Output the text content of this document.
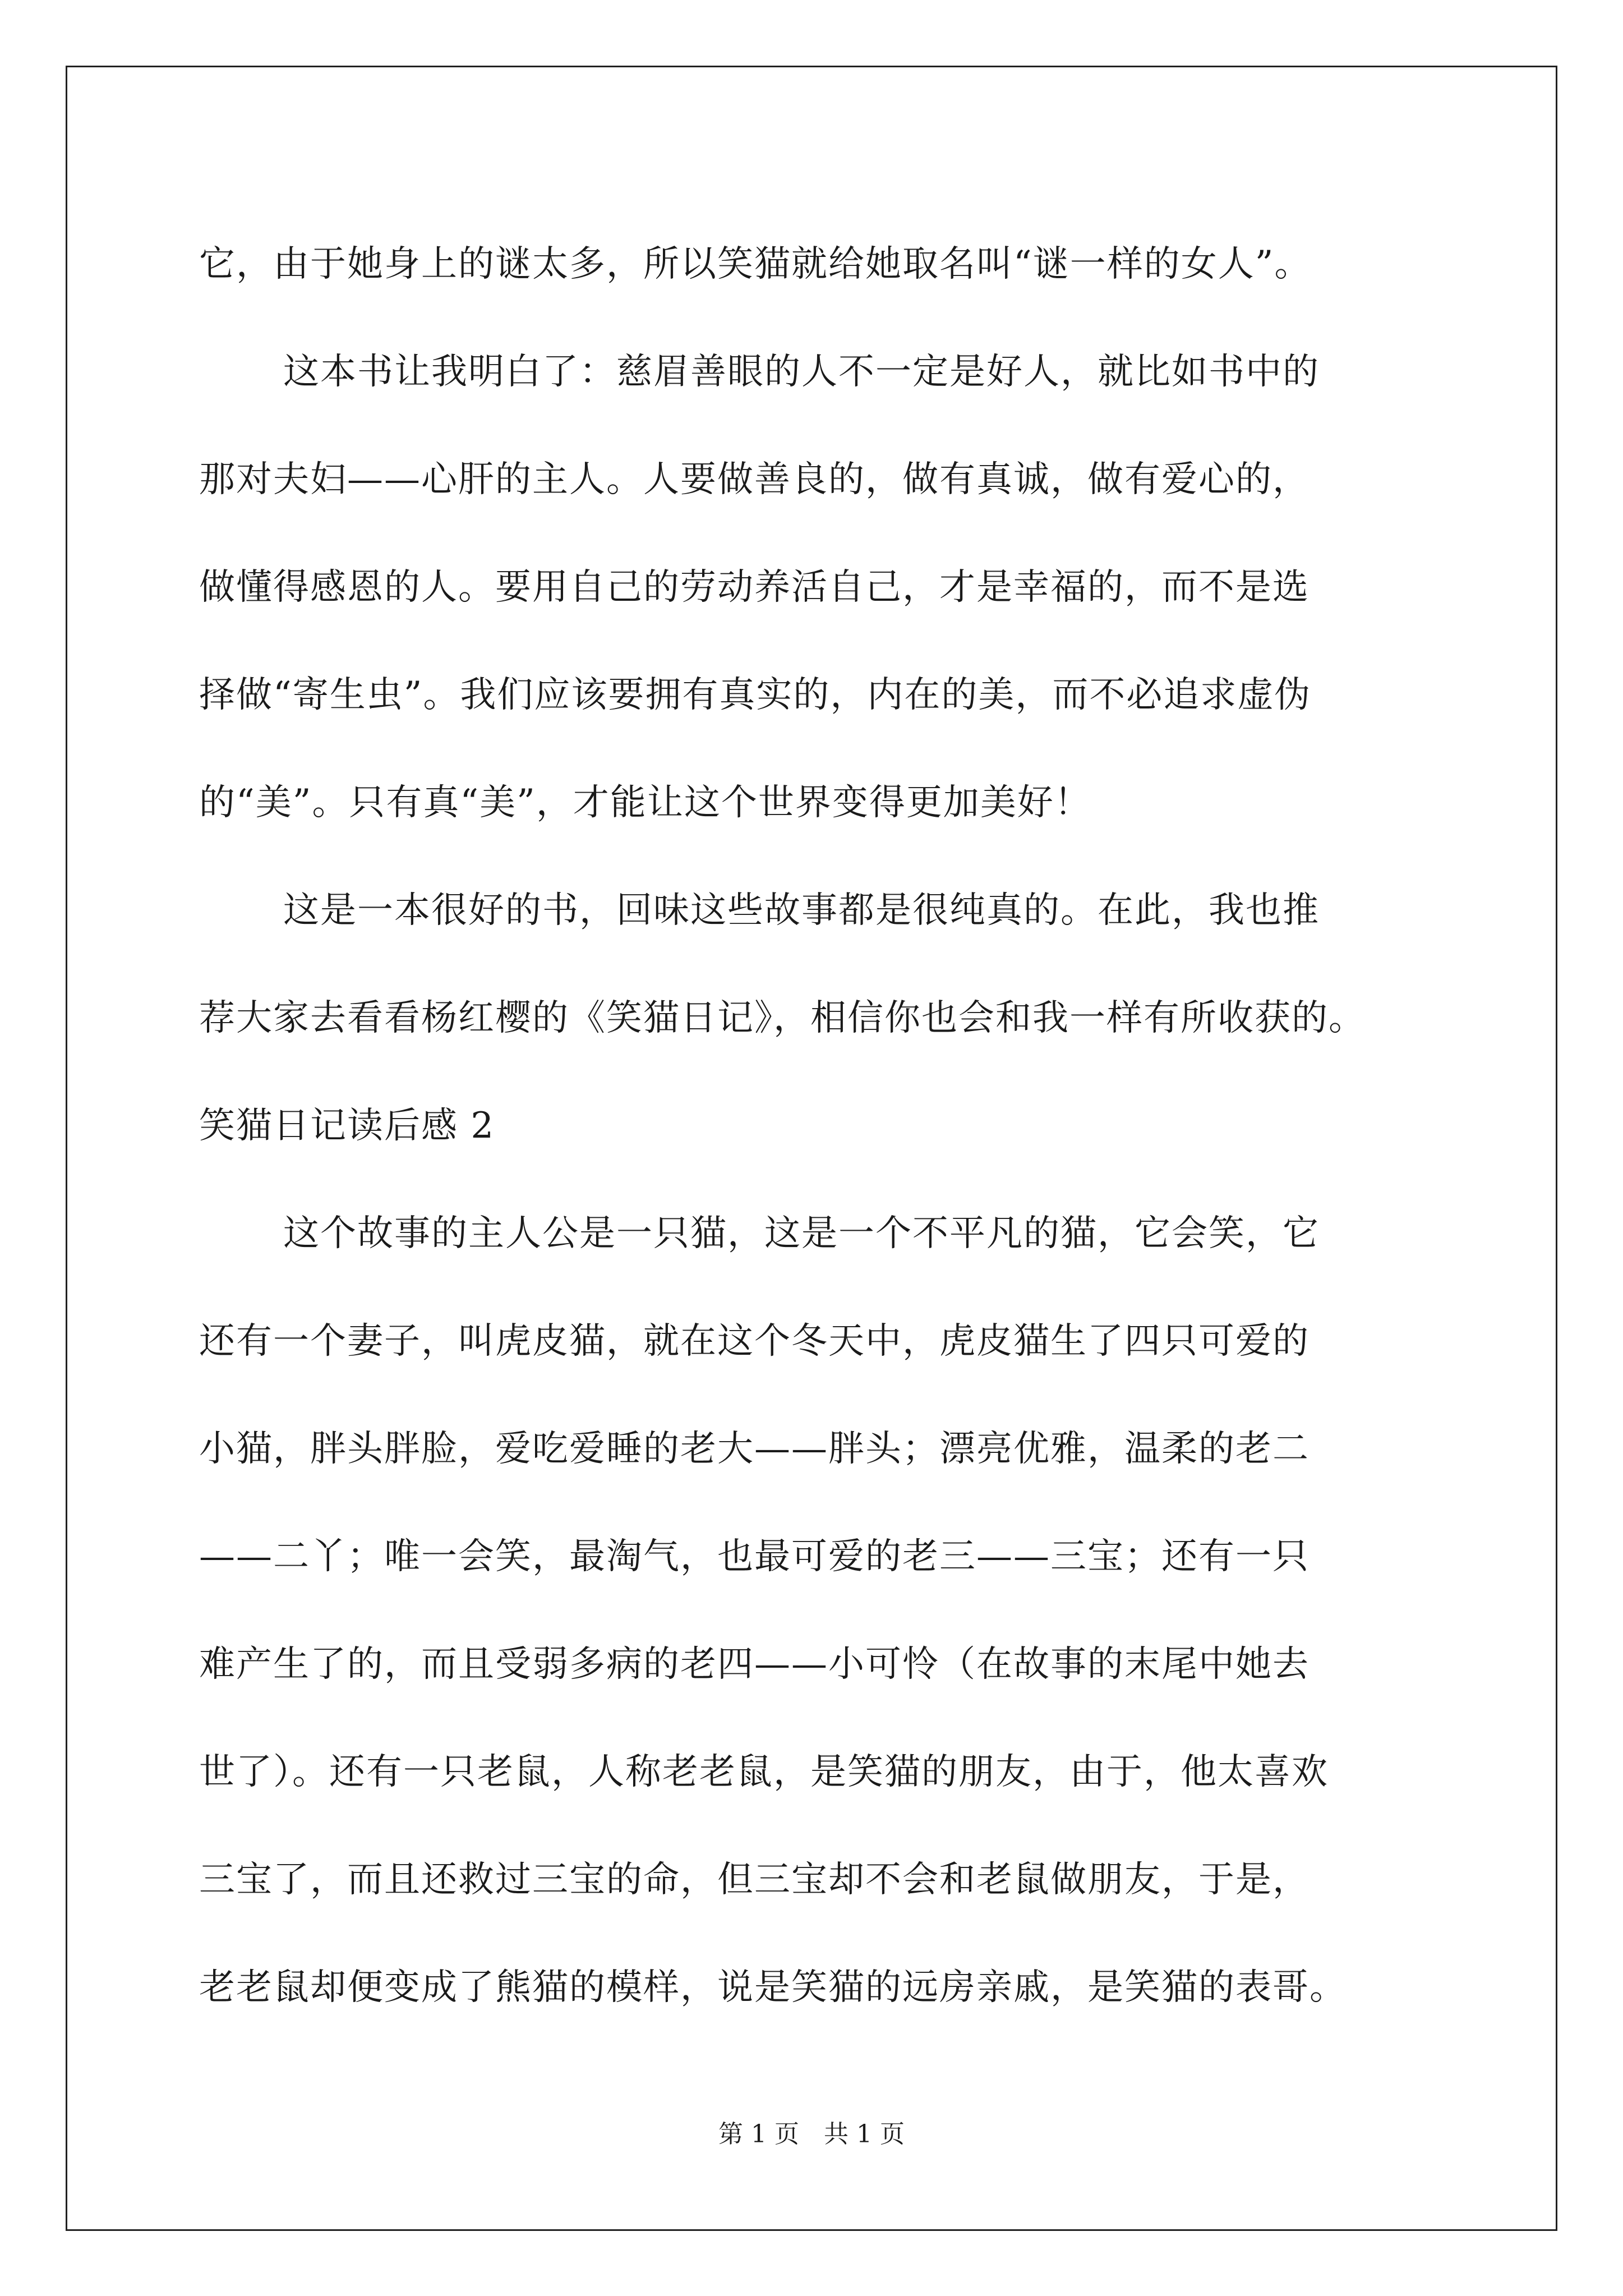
它，由于她身上的谜太多，所以笑猫就给她取名叫“谜一样的女人”。
这本书让我明白了：慈眉善眼的人不一定是好人，就比如书中的
那对夫妇——心肝的主人。人要做善良的，做有真诚，做有爱心的，
做懂得感恩的人。要用自己的劳动养活自己，才是幸福的，而不是选
择做“寄生虫”。我们应该要拥有真实的，内在的美，而不必追求虚伪
的“美”。只有真“美”，才能让这个世界变得更加美好！
这是一本很好的书，回味这些故事都是很纯真的。在此，我也推
荐大家去看看杨红樱的《笑猫日记》，相信你也会和我一样有所收获的。
笑猫日记读后感 2
这个故事的主人公是一只猫，这是一个不平凡的猫，它会笑，它
还有一个妻子，叫虎皮猫，就在这个冬天中，虎皮猫生了四只可爱的
小猫，胖头胖脸，爱吃爱睡的老大——胖头；漂亮优雅，温柔的老二
——二丫；唯一会笑，最淘气，也最可爱的老三——三宝；还有一只
难产生了的，而且受弱多病的老四——小可怜（在故事的末尾中她去
世了）。还有一只老鼠，人称老老鼠，是笑猫的朋友，由于，他太喜欢
三宝了，而且还救过三宝的命，但三宝却不会和老鼠做朋友，于是，
老老鼠却便变成了熊猫的模样，说是笑猫的远房亲戚，是笑猫的表哥。
第 1 页　共 1 页
